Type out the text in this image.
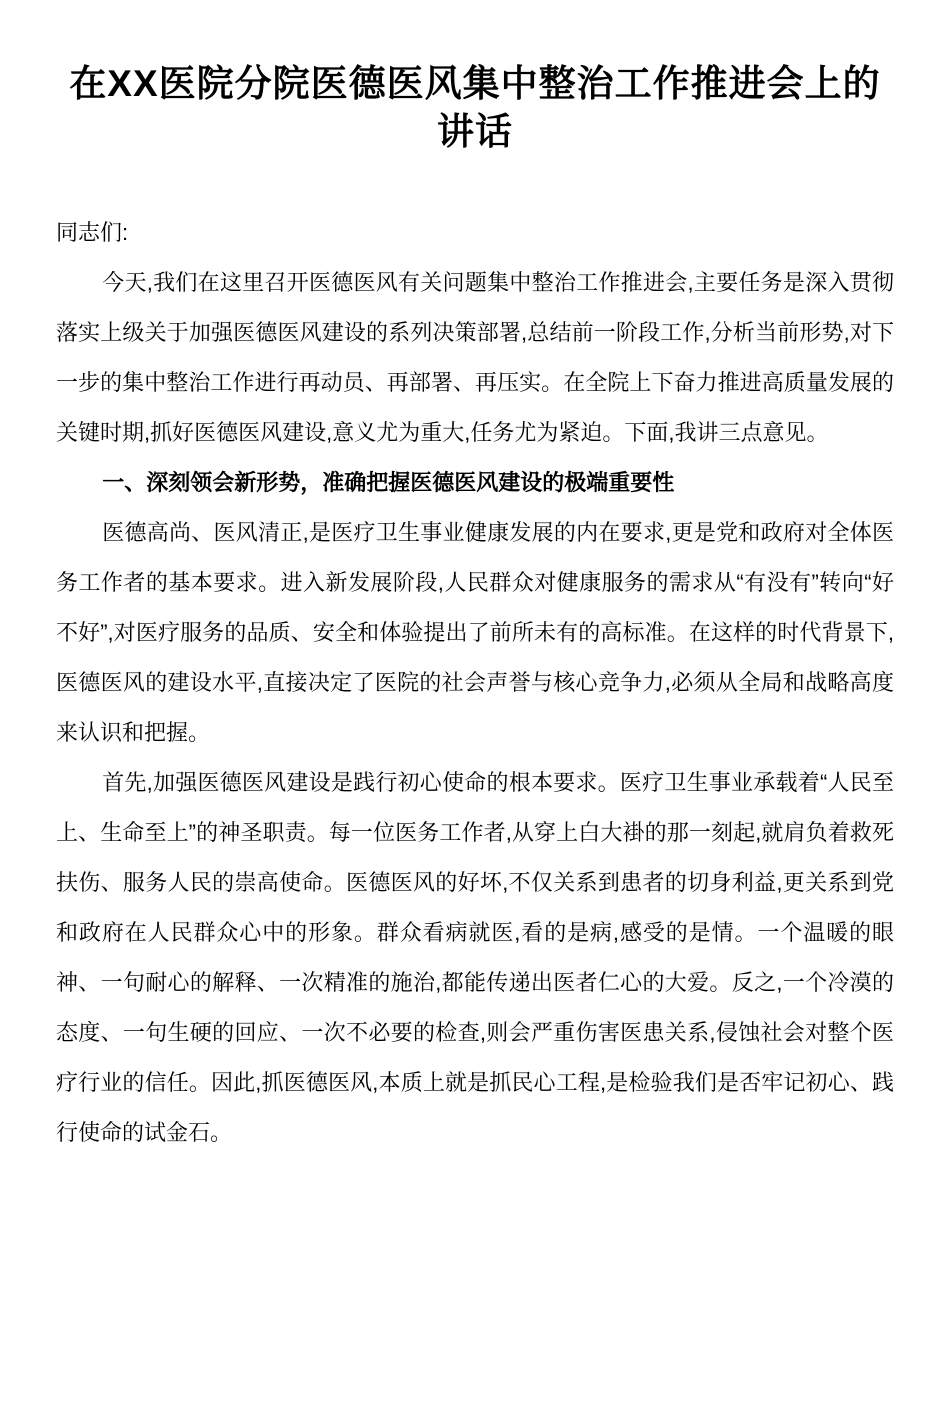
在XX医院分院医德医风集中整治工作推进会上的讲话

同志们:

今天,我们在这里召开医德医风有关问题集中整治工作推进会,主要任务是深入贯彻落实上级关于加强医德医风建设的系列决策部署,总结前一阶段工作,分析当前形势,对下一步的集中整治工作进行再动员、再部署、再压实。在全院上下奋力推进高质量发展的关键时期,抓好医德医风建设,意义尤为重大,任务尤为紧迫。下面,我讲三点意见。

一、深刻领会新形势，准确把握医德医风建设的极端重要性

医德高尚、医风清正,是医疗卫生事业健康发展的内在要求,更是党和政府对全体医务工作者的基本要求。进入新发展阶段,人民群众对健康服务的需求从“有没有”转向“好不好”,对医疗服务的品质、安全和体验提出了前所未有的高标准。在这样的时代背景下,医德医风的建设水平,直接决定了医院的社会声誉与核心竞争力,必须从全局和战略高度来认识和把握。

首先,加强医德医风建设是践行初心使命的根本要求。医疗卫生事业承载着“人民至上、生命至上”的神圣职责。每一位医务工作者,从穿上白大褂的那一刻起,就肩负着救死扶伤、服务人民的崇高使命。医德医风的好坏,不仅关系到患者的切身利益,更关系到党和政府在人民群众心中的形象。群众看病就医,看的是病,感受的是情。一个温暖的眼神、一句耐心的解释、一次精准的施治,都能传递出医者仁心的大爱。反之,一个冷漠的态度、一句生硬的回应、一次不必要的检查,则会严重伤害医患关系,侵蚀社会对整个医疗行业的信任。因此,抓医德医风,本质上就是抓民心工程,是检验我们是否牢记初心、践行使命的试金石。
